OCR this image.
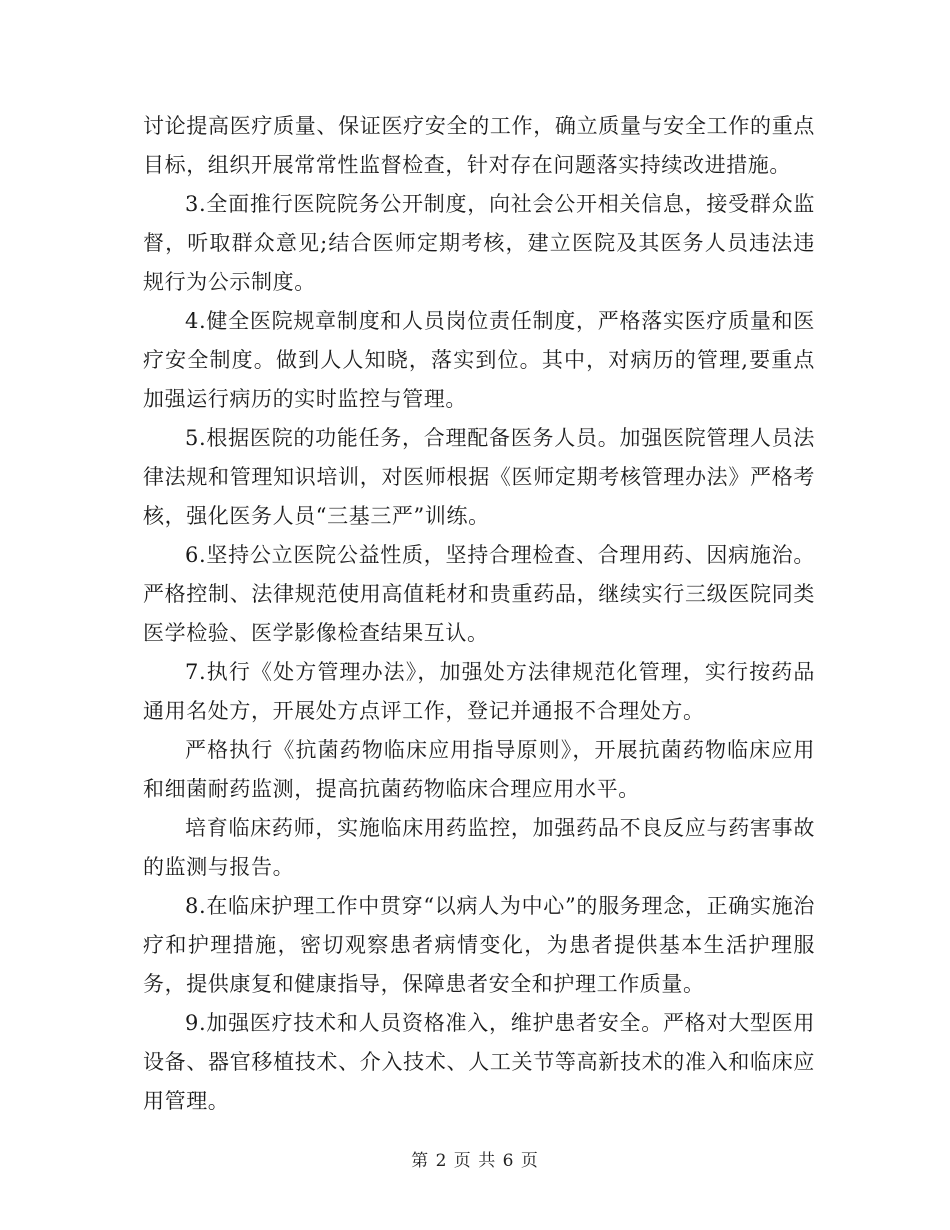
讨论提高医疗质量、保证医疗安全的工作，确立质量与安全工作的重点目标，组织开展常常性监督检查，针对存在问题落实持续改进措施。

3.全面推行医院院务公开制度，向社会公开相关信息，接受群众监督，听取群众意见;结合医师定期考核，建立医院及其医务人员违法违规行为公示制度。

4.健全医院规章制度和人员岗位责任制度，严格落实医疗质量和医疗安全制度。做到人人知晓，落实到位。其中，对病历的管理,要重点加强运行病历的实时监控与管理。

5.根据医院的功能任务，合理配备医务人员。加强医院管理人员法律法规和管理知识培训，对医师根据《医师定期考核管理办法》严格考核，强化医务人员“三基三严”训练。

6.坚持公立医院公益性质，坚持合理检查、合理用药、因病施治。严格控制、法律规范使用高值耗材和贵重药品，继续实行三级医院同类医学检验、医学影像检查结果互认。

7.执行《处方管理办法》，加强处方法律规范化管理，实行按药品通用名处方，开展处方点评工作，登记并通报不合理处方。

严格执行《抗菌药物临床应用指导原则》，开展抗菌药物临床应用和细菌耐药监测，提高抗菌药物临床合理应用水平。

培育临床药师，实施临床用药监控，加强药品不良反应与药害事故的监测与报告。

8.在临床护理工作中贯穿“以病人为中心”的服务理念，正确实施治疗和护理措施，密切观察患者病情变化，为患者提供基本生活护理服务，提供康复和健康指导，保障患者安全和护理工作质量。

9.加强医疗技术和人员资格准入，维护患者安全。严格对大型医用设备、器官移植技术、介入技术、人工关节等高新技术的准入和临床应用管理。

第 2 页 共 6 页
